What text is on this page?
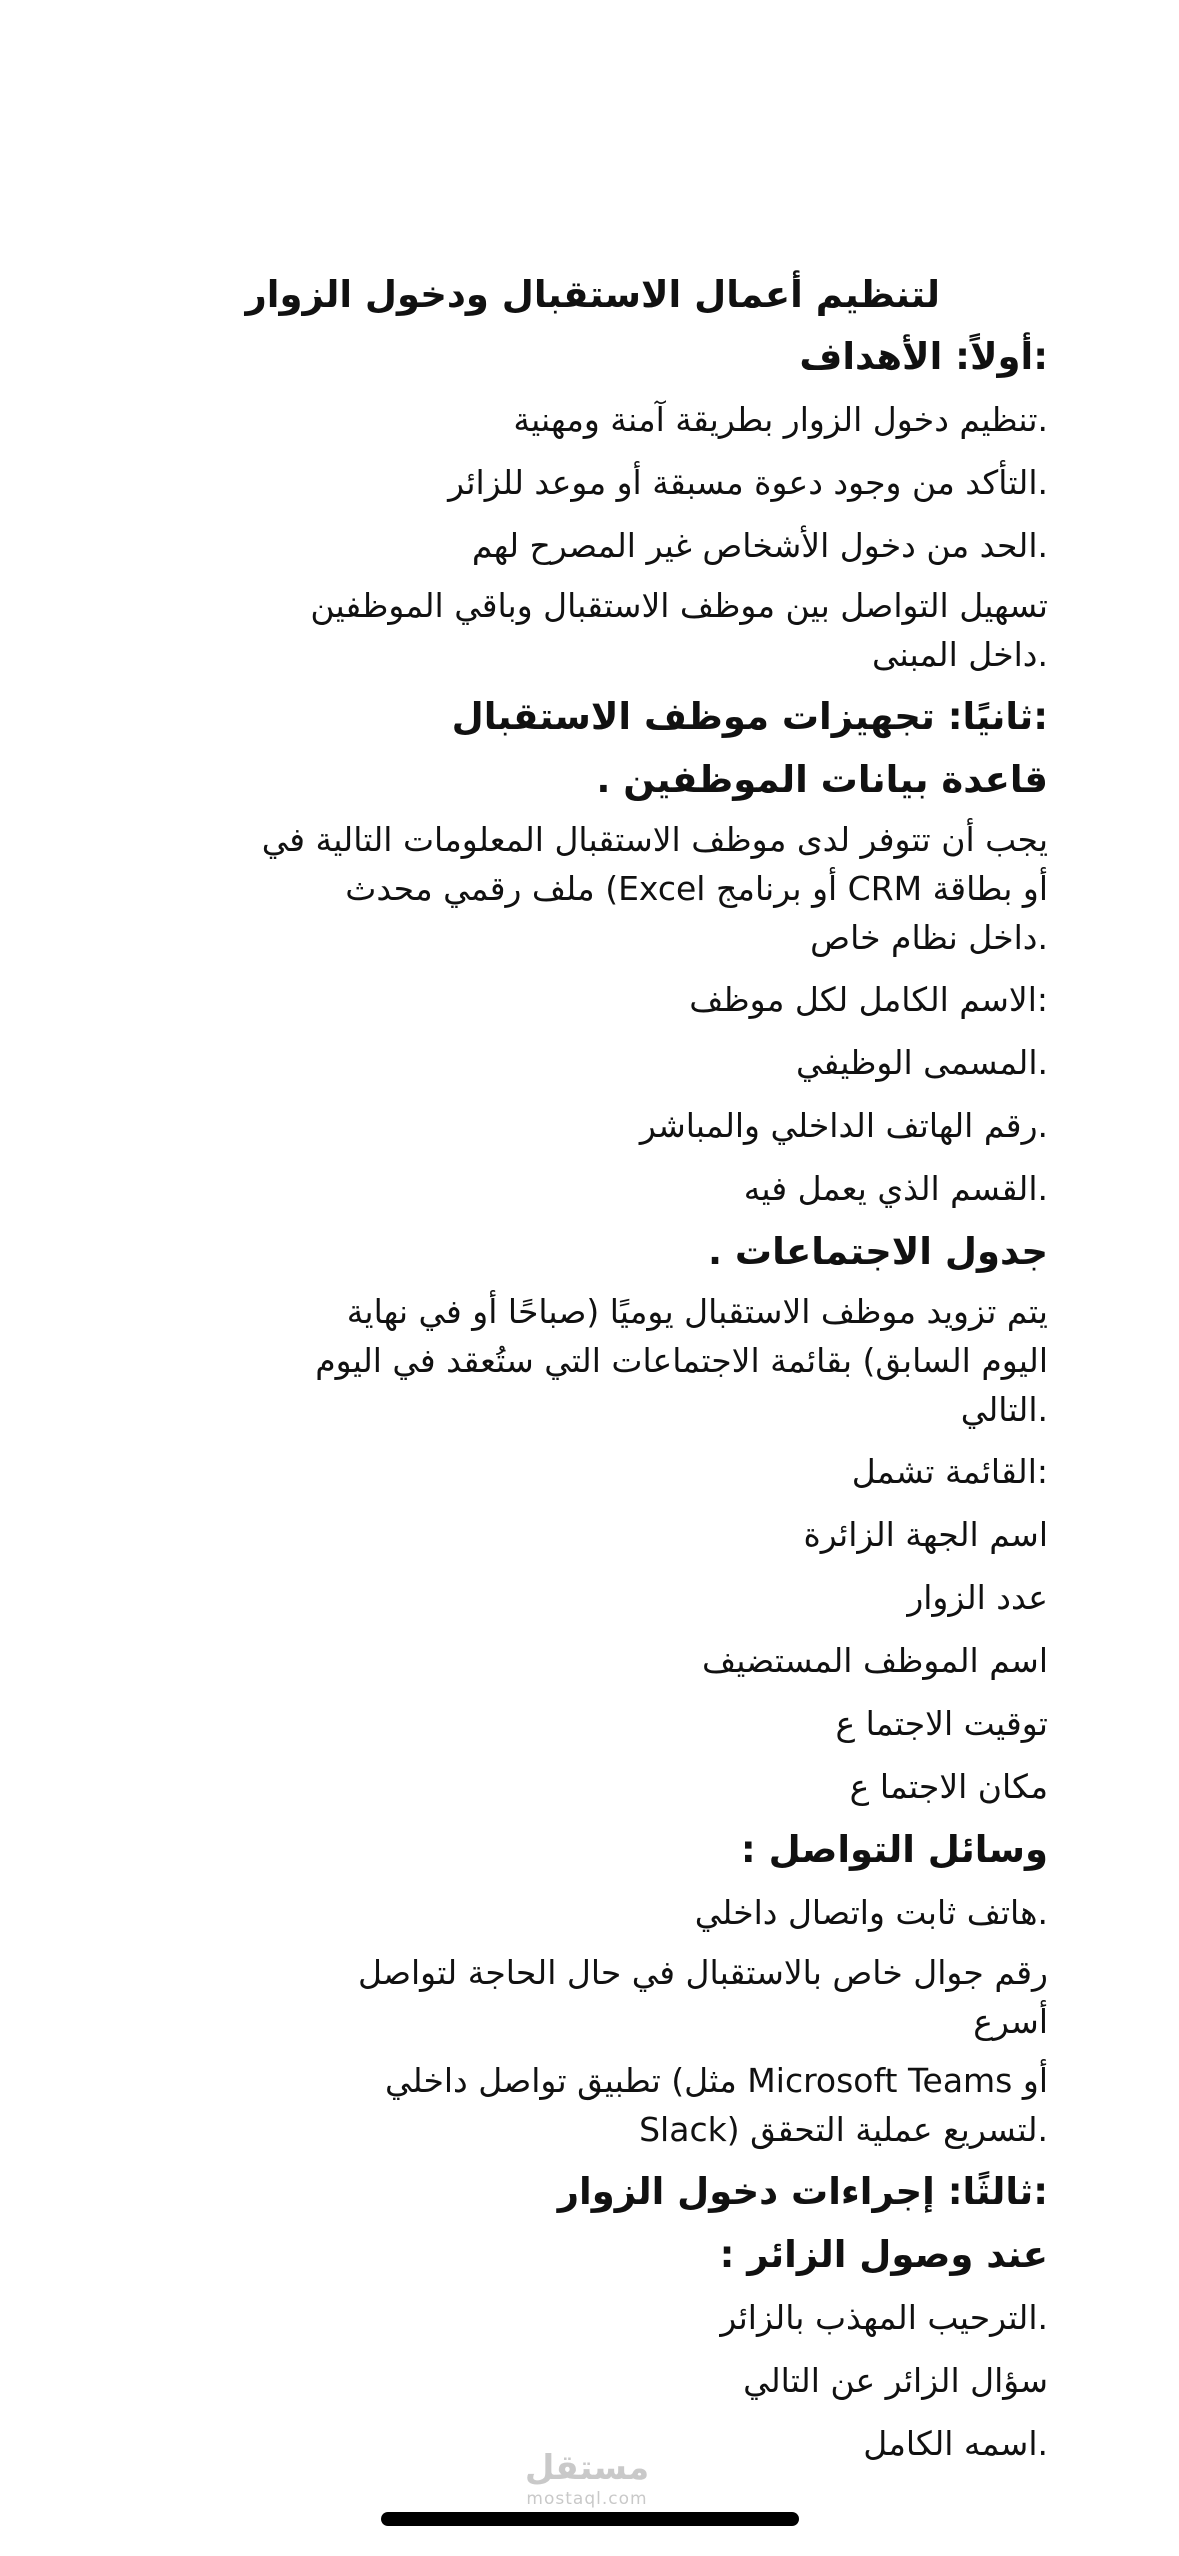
لتنظيم أعمال الاستقبال ودخول الزوار
:أولاً: الأهداف
.تنظيم دخول الزوار بطريقة آمنة ومهنية
.التأكد من وجود دعوة مسبقة أو موعد للزائر
.الحد من دخول الأشخاص غير المصرح لهم
تسهيل التواصل بين موظف الاستقبال وباقي الموظفين
.داخل المبنى
:ثانيًا: تجهيزات موظف الاستقبال
قاعدة بيانات الموظفين .
يجب أن تتوفر لدى موظف الاستقبال المعلومات التالية في
أو بطاقة CRM أو برنامج Excel) ملف رقمي محدث
.داخل نظام خاص
:الاسم الكامل لكل موظف
.المسمى الوظيفي
.رقم الهاتف الداخلي والمباشر
.القسم الذي يعمل فيه
جدول الاجتماعات .
يتم تزويد موظف الاستقبال يوميًا (صباحًا أو في نهاية
اليوم السابق) بقائمة الاجتماعات التي ستُعقد في اليوم
.التالي
:القائمة تشمل
اسم الجهة الزائرة
عدد الزوار
اسم الموظف المستضيف
توقيت الاجتما ع
مكان الاجتما ع
وسائل التواصل :
.هاتف ثابت واتصال داخلي
رقم جوال خاص بالاستقبال في حال الحاجة لتواصل
أسرع
أو Microsoft Teams مثل) تطبيق تواصل داخلي
.لتسريع عملية التحقق (Slack
:ثالثًا: إجراءات دخول الزوار
عند وصول الزائر :
.الترحيب المهذب بالزائر
سؤال الزائر عن التالي
.اسمه الكامل
مستقل
mostaql.com
